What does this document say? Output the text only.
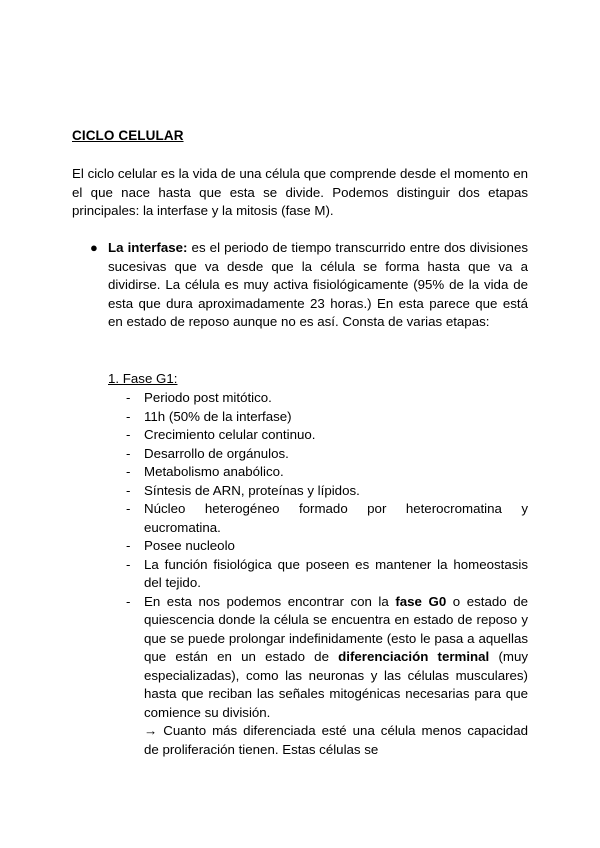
CICLO CELULAR
El ciclo celular es la vida de una célula que comprende desde el momento en el que nace hasta que esta se divide. Podemos distinguir dos etapas principales: la interfase y la mitosis (fase M).
● La interfase: es el periodo de tiempo transcurrido entre dos divisiones sucesivas que va desde que la célula se forma hasta que va a dividirse. La célula es muy activa fisiológicamente (95% de la vida de esta que dura aproximadamente 23 horas.) En esta parece que está en estado de reposo aunque no es así. Consta de varias etapas:
1. Fase G1:
- Periodo post mitótico.
- 11h (50% de la interfase)
- Crecimiento celular continuo.
- Desarrollo de orgánulos.
- Metabolismo anabólico.
- Síntesis de ARN, proteínas y lípidos.
- Núcleo heterogéneo formado por heterocromatina y eucromatina.
- Posee nucleolo
- La función fisiológica que poseen es mantener la homeostasis del tejido.
- En esta nos podemos encontrar con la fase G0 o estado de quiescencia donde la célula se encuentra en estado de reposo y que se puede prolongar indefinidamente (esto le pasa a aquellas que están en un estado de diferenciación terminal (muy especializadas), como las neuronas y las células musculares) hasta que reciban las señales mitogénicas necesarias para que comience su división.
→ Cuanto más diferenciada esté una célula menos capacidad de proliferación tienen. Estas células se
